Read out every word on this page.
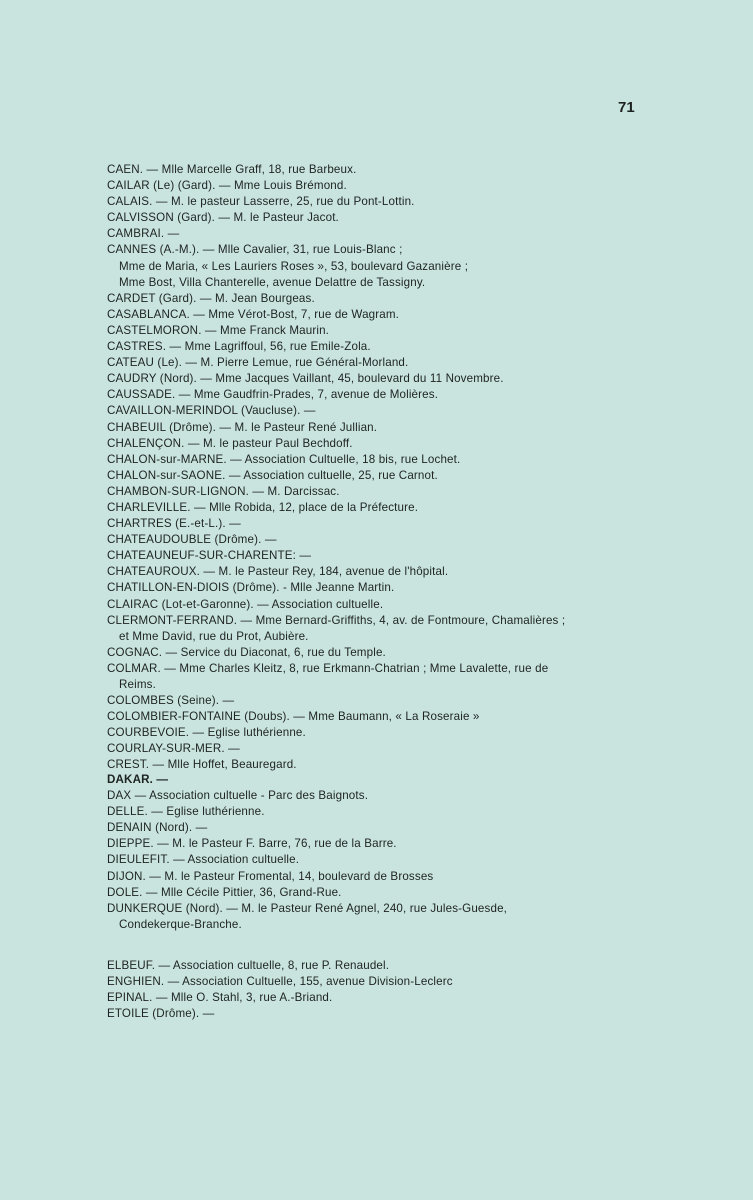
71
CAEN. — Mlle Marcelle Graff, 18, rue Barbeux.
CAILAR (Le) (Gard). — Mme Louis Brémond.
CALAIS. — M. le pasteur Lasserre, 25, rue du Pont-Lottin.
CALVISSON (Gard). — M. le Pasteur Jacot.
CAMBRAI. —
CANNES (A.-M.). — Mlle Cavalier, 31, rue Louis-Blanc ;
Mme de Maria, « Les Lauriers Roses », 53, boulevard Gazanière ;
Mme Bost, Villa Chanterelle, avenue Delattre de Tassigny.
CARDET (Gard). — M. Jean Bourgeas.
CASABLANCA. — Mme Vérot-Bost, 7, rue de Wagram.
CASTELMORON. — Mme Franck Maurin.
CASTRES. — Mme Lagriffoul, 56, rue Emile-Zola.
CATEAU (Le). — M. Pierre Lemue, rue Général-Morland.
CAUDRY (Nord). — Mme Jacques Vaillant, 45, boulevard du 11 Novembre.
CAUSSADE. — Mme Gaudfrin-Prades, 7, avenue de Molières.
CAVAILLON-MERINDOL (Vaucluse). —
CHABEUIL (Drôme). — M. le Pasteur René Jullian.
CHALENÇON. — M. le pasteur Paul Bechdoff.
CHALON-sur-MARNE. — Association Cultuelle, 18 bis, rue Lochet.
CHALON-sur-SAONE. — Association cultuelle, 25, rue Carnot.
CHAMBON-SUR-LIGNON. — M. Darcissac.
CHARLEVILLE. — Mlle Robida, 12, place de la Préfecture.
CHARTRES (E.-et-L.). —
CHATEAUDOUBLE (Drôme). —
CHATEAUNEUF-SUR-CHARENTE: —
CHATEAUROUX. — M. le Pasteur Rey, 184, avenue de l'hôpital.
CHATILLON-EN-DIOIS (Drôme). - Mlle Jeanne Martin.
CLAIRAC (Lot-et-Garonne). — Association cultuelle.
CLERMONT-FERRAND. — Mme Bernard-Griffiths, 4, av. de Fontmoure, Chamalières ;
et Mme David, rue du Prot, Aubière.
COGNAC. — Service du Diaconat, 6, rue du Temple.
COLMAR. — Mme Charles Kleitz, 8, rue Erkmann-Chatrian ; Mme Lavalette, rue de
Reims.
COLOMBES (Seine). —
COLOMBIER-FONTAINE (Doubs). — Mme Baumann, « La Roseraie »
COURBEVOIE. — Eglise luthérienne.
COURLAY-SUR-MER. —
CREST. — Mlle Hoffet, Beauregard.
DAKAR. —
DAX — Association cultuelle - Parc des Baignots.
DELLE. — Eglise luthérienne.
DENAIN (Nord). —
DIEPPE. — M. le Pasteur F. Barre, 76, rue de la Barre.
DIEULEFIT. — Association cultuelle.
DIJON. — M. le Pasteur Fromental, 14, boulevard de Brosses
DOLE. — Mlle Cécile Pittier, 36, Grand-Rue.
DUNKERQUE (Nord). — M. le Pasteur René Agnel, 240, rue Jules-Guesde,
Condekerque-Branche.
ELBEUF. — Association cultuelle, 8, rue P. Renaudel.
ENGHIEN. — Association Cultuelle, 155, avenue Division-Leclerc
EPINAL. — Mlle O. Stahl, 3, rue A.-Briand.
ETOILE (Drôme). —
